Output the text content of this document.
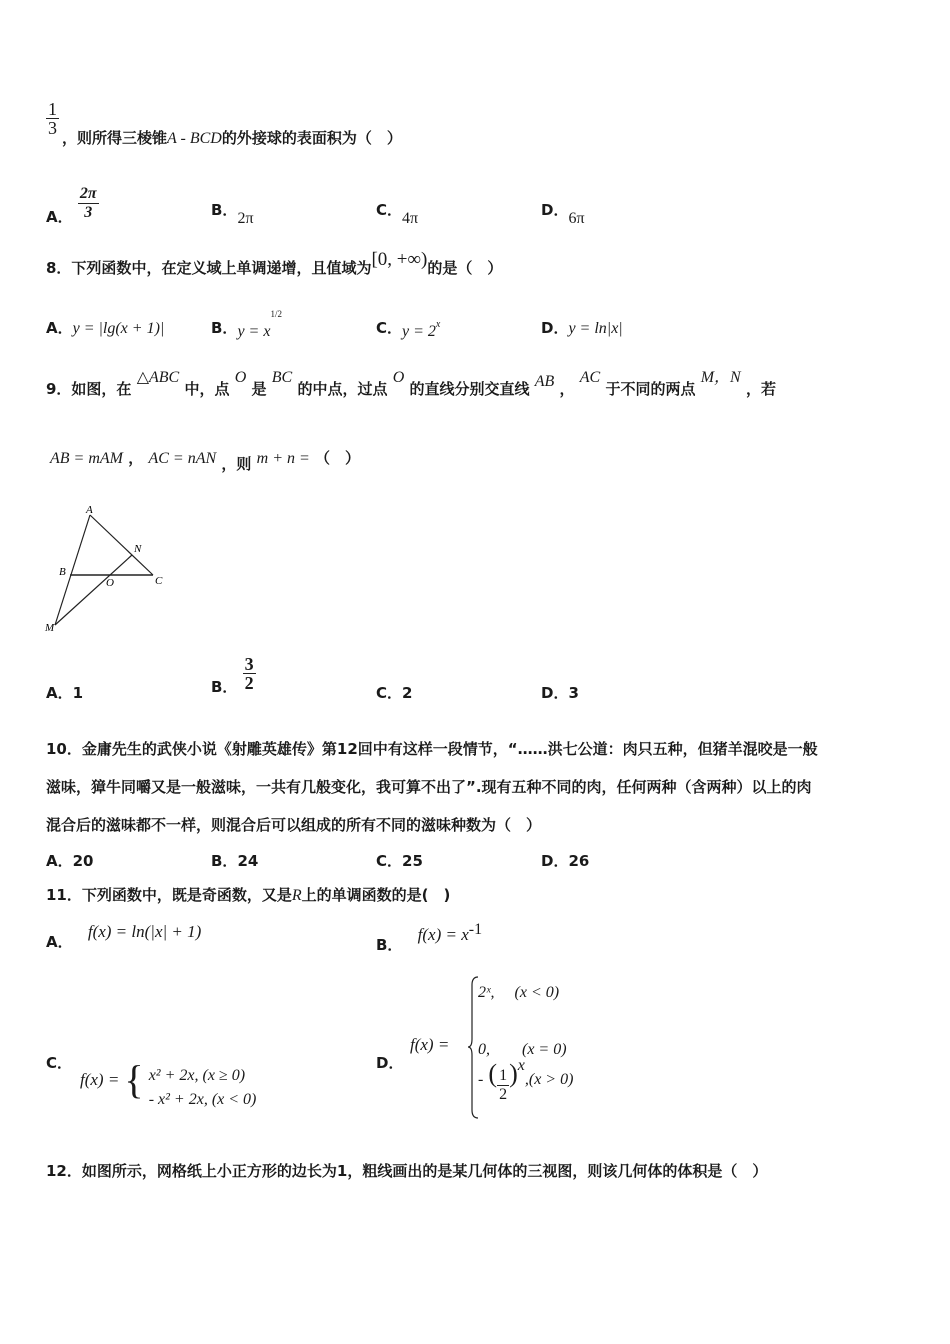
$\frac{1}{3}$
，则所得三棱锥A - BCD的外接球的表面积为（　）
A． $\frac{2\pi}{3}$	B．2π	C．4π	D．6π
8．下列函数中，在定义域上单调递增，且值域为[0, +∞)的是（　）
A．y = |lg(x + 1)|	B．$y = x^{1/2}$
C．$y = 2^x$	D．y = ln|x|
9．如图，在 △ABC 中，点 O 是 BC 的中点，过点 O 的直线分别交直线 AB ， AC 于不同的两点 M，N ，若
AB = mAM ， AC = nAN ，则 m + n = （　）
A
N
B
O	C
M
A．1	B． $\frac{3}{2}$
C．2	D．3
10．金庸先生的武侠小说《射雕英雄传》第12回中有这样一段情节，“……洪七公道：肉只五种，但猪羊混咬是一般
滋味，獐牛同嚼又是一般滋味，一共有几般变化，我可算不出了”.现有五种不同的肉，任何两种（含两种）以上的肉
混合后的滋味都不一样，则混合后可以组成的所有不同的滋味种数为（　）
A．20	B．24	C．25	D．26
11．下列函数中，既是奇函数，又是R上的单调函数的是(　)
A． f(x) = ln(|x| + 1)
B． $f(x) = x^{-1}$
C．
f(x) = { x² + 2x, (x ≥ 0)
- x² + 2x, (x < 0)
D．
f(x) =
2ˣ,　 (x < 0)
0,　　(x = 0)
- ( $\frac{1}{2} )^x,(x > 0)$
12．如图所示，网格纸上小正方形的边长为1，粗线画出的是某几何体的三视图，则该几何体的体积是（　）
